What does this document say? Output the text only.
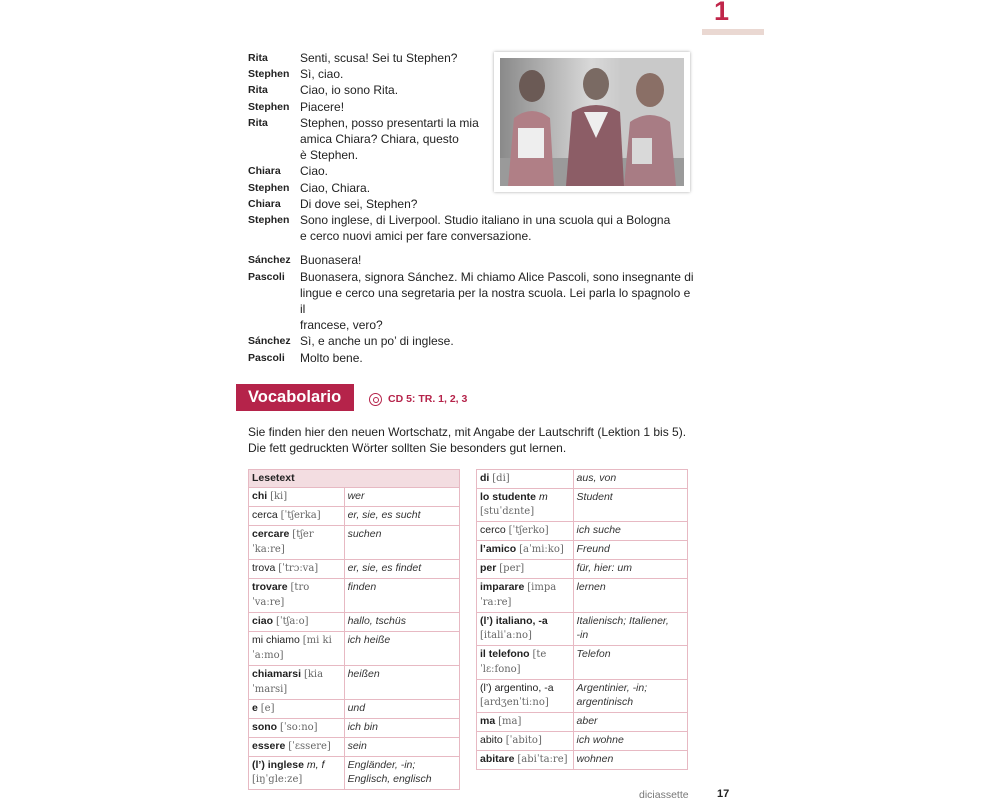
1
Rita	Senti, scusa! Sei tu Stephen?
Stephen Sì, ciao.
Rita	Ciao, io sono Rita.
Stephen Piacere!
Rita	Stephen, posso presentarti la mia
amica Chiara? Chiara, questo
è Stephen.
Chiara	Ciao.
Stephen Ciao, Chiara.
Chiara	Di dove sei, Stephen?
Stephen Sono inglese, di Liverpool. Studio italiano in una scuola qui a Bologna
e cerco nuovi amici per fare conversazione.
Sánchez Buonasera!
Pascoli	Buonasera, signora Sánchez. Mi chiamo Alice Pascoli, sono insegnante di
lingue e cerco una segretaria per la nostra scuola. Lei parla lo spagnolo e il
francese, vero?
Sánchez Sì, e anche un po’ di inglese.
Pascoli	Molto bene.
Vocabolario	CD 5: TR. 1, 2, 3
Sie finden hier den neuen Wortschatz, mit Angabe der Lautschrift (Lektion 1 bis 5).
Die fett gedruckten Wörter sollten Sie besonders gut lernen.
Lesetext	
chi [ki]	wer
cerca [ˈtʃerka]	er, sie, es sucht
cercare [tʃerˈkaːre]	suchen
trova [ˈtrɔːva]	er, sie, es findet
trovare [troˈvaːre]	finden
ciao [ˈtʃaːo]	hallo, tschüs
mi chiamo [mi kiˈaːmo]	ich heiße
chiamarsi [kiaˈmarsi]	heißen
e [e]	und
sono [ˈsoːno]	ich bin
essere [ˈɛssere]	sein
(l’) inglese m, f [iŋˈgleːze]	Engländer, -in;
Englisch, englisch
di [di]	aus, von
lo studente m [stuˈdɛnte]	Student
cerco [ˈtʃerko]	ich suche
l’amico [aˈmiːko]	Freund
per [per]	für, hier: um
imparare [impaˈraːre]	lernen
(l’) italiano, -a [italiˈaːno]	Italienisch; Italiener,
-in
il telefono [teˈlɛːfono]	Telefon
(l’) argentino, -a [ardʒenˈtiːno]	Argentinier, -in;
argentinisch
ma [ma]	aber
abito [ˈabito]	ich wohne
abitare [abiˈtaːre]	wohnen
diciassette	17
